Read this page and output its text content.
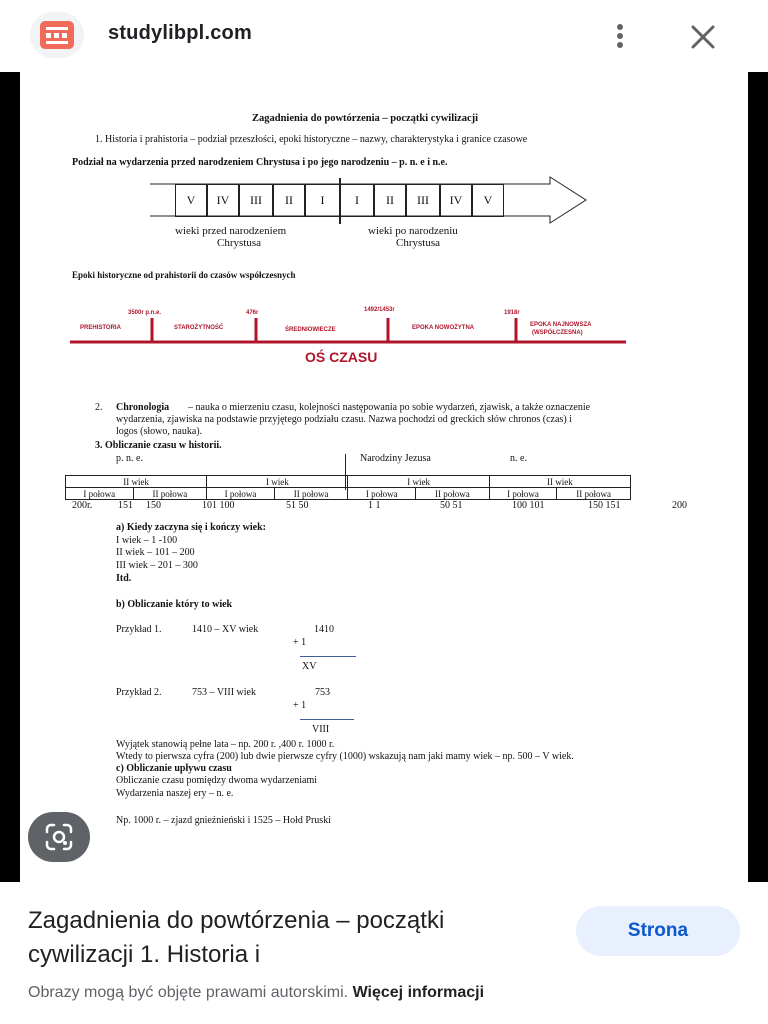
studylibpl.com
Zagadnienia do powtórzenia – początki cywilizacji
1. Historia i prahistoria – podział przeszłości, epoki historyczne – nazwy, charakterystyka i granice czasowe
Podział na wydarzenia przed narodzeniem Chrystusa i po jego narodzeniu – p. n. e i n.e.
V	IV	III	II	I	I	II	III	IV	V
wieki przed narodzeniem
Chrystusa
wieki po narodzeniu
Chrystusa
Epoki historyczne od prahistorii do czasów współczesnych
3500r p.n.e.	476r	1492/1453r	1918r
PREHISTORIA	STAROŻYTNOŚĆ	ŚREDNIOWIECZE	EPOKA NOWOŻYTNA	EPOKA NAJNOWSZA
(WSPÓŁCZESNA)
OŚ CZASU
2. Chronologia – nauka o mierzeniu czasu, kolejności następowania po sobie wydarzeń, zjawisk, a także oznaczenie
wydarzenia, zjawiska na podstawie przyjętego podziału czasu. Nazwa pochodzi od greckich słów chronos (czas) i
logos (słowo, nauka).
3. Obliczanie czasu w historii.
p. n. e.	Narodziny Jezusa	n. e.
II wiek		I wiek		I wiek		II wiek	
I połowa	II połowa	I połowa	II połowa	I połowa	II połowa	I połowa	II połowa
200r.	151 150	101 100	51 50	1 1	50 51	100 101	150 151	200
a) Kiedy zaczyna się i kończy wiek:
I wiek – 1 -100
II wiek – 101 – 200
III wiek – 201 – 300
Itd.
b) Obliczanie który to wiek
Przykład 1.	1410 – XV wiek	1410
+ 1
XV
Przykład 2.	753 – VIII wiek	753
+ 1
VIII
Wyjątek stanowią pełne lata – np. 200 r. ,400 r. 1000 r.
Wtedy to pierwsza cyfra (200) lub dwie pierwsze cyfry (1000) wskazują nam jaki mamy wiek – np. 500 – V wiek.
c) Obliczanie upływu czasu
Obliczanie czasu pomiędzy dwoma wydarzeniami
Wydarzenia naszej ery – n. e.
Np. 1000 r. – zjazd gnieźnieński i 1525 – Hołd Pruski
Zagadnienia do powtórzenia – początki cywilizacji 1. Historia i
Strona
Obrazy mogą być objęte prawami autorskimi. Więcej informacji
